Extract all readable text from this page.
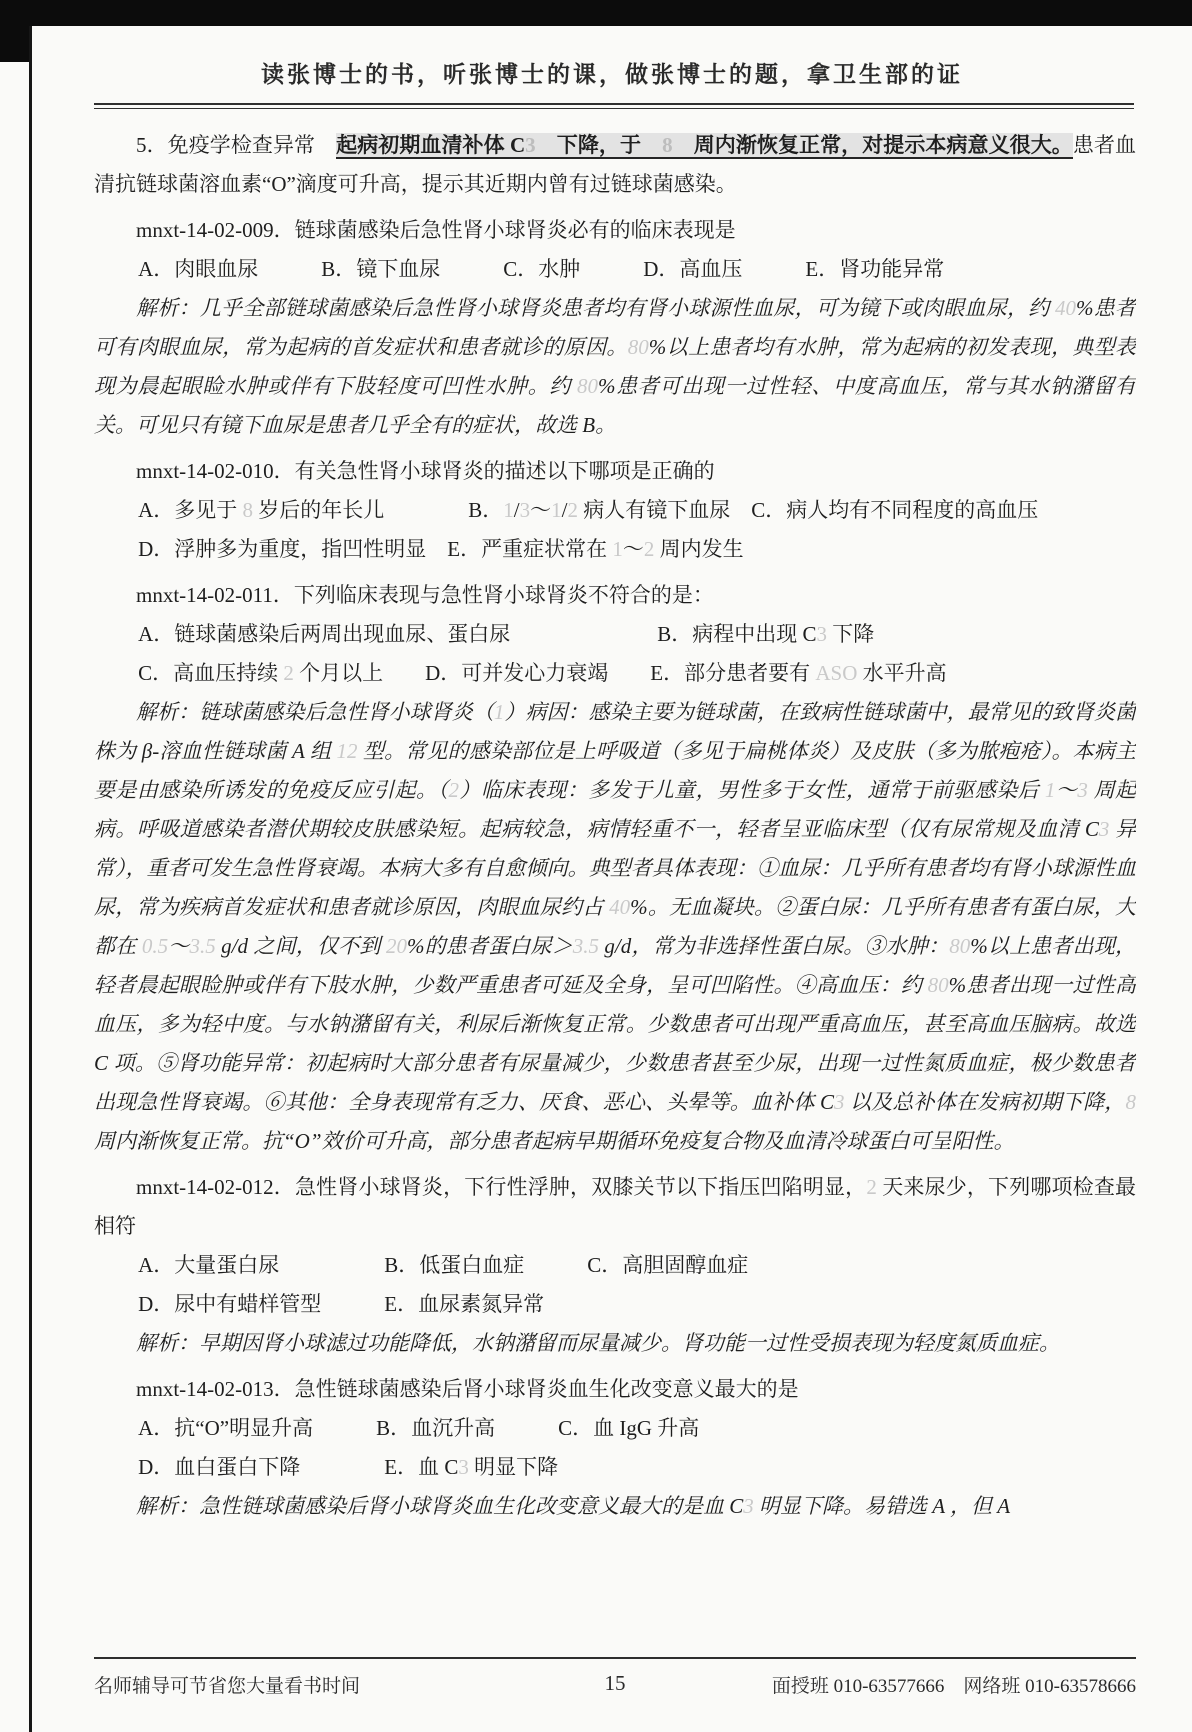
读张博士的书，听张博士的课，做张博士的题，拿卫生部的证

5．免疫学检查异常　起病初期血清补体 C3　下降，于　8　周内渐恢复正常，对提示本病意义很大。患者血清抗链球菌溶血素“O”滴度可升高，提示其近期内曾有过链球菌感染。

mnxt-14-02-009．链球菌感染后急性肾小球肾炎必有的临床表现是

A．肉眼血尿　　　B．镜下血尿　　　C．水肿　　　D．高血压　　　E．肾功能异常

解析：几乎全部链球菌感染后急性肾小球肾炎患者均有肾小球源性血尿，可为镜下或肉眼血尿，约 40%患者可有肉眼血尿，常为起病的首发症状和患者就诊的原因。80%以上患者均有水肿，常为起病的初发表现，典型表现为晨起眼睑水肿或伴有下肢轻度可凹性水肿。约 80%患者可出现一过性轻、中度高血压，常与其水钠潴留有关。可见只有镜下血尿是患者几乎全有的症状，故选 B。

mnxt-14-02-010．有关急性肾小球肾炎的描述以下哪项是正确的

A．多见于 8 岁后的年长儿　　　　B．1/3～1/2 病人有镜下血尿　C．病人均有不同程度的高血压

D．浮肿多为重度，指凹性明显　E．严重症状常在 1～2 周内发生

mnxt-14-02-011．下列临床表现与急性肾小球肾炎不符合的是：

A．链球菌感染后两周出现血尿、蛋白尿　　　　　　　B．病程中出现 C3 下降

C．高血压持续 2 个月以上　　D．可并发心力衰竭　　E．部分患者要有 ASO 水平升高

解析：链球菌感染后急性肾小球肾炎（1）病因：感染主要为链球菌，在致病性链球菌中，最常见的致肾炎菌株为 β-溶血性链球菌 A 组 12 型。常见的感染部位是上呼吸道（多见于扁桃体炎）及皮肤（多为脓疱疮）。本病主要是由感染所诱发的免疫反应引起。（2）临床表现：多发于儿童，男性多于女性，通常于前驱感染后 1～3 周起病。呼吸道感染者潜伏期较皮肤感染短。起病较急，病情轻重不一，轻者呈亚临床型（仅有尿常规及血清 C3 异常），重者可发生急性肾衰竭。本病大多有自愈倾向。典型者具体表现：①血尿：几乎所有患者均有肾小球源性血尿，常为疾病首发症状和患者就诊原因，肉眼血尿约占 40%。无血凝块。②蛋白尿：几乎所有患者有蛋白尿，大都在 0.5～3.5 g/d 之间，仅不到 20%的患者蛋白尿＞3.5 g/d，常为非选择性蛋白尿。③水肿：80%以上患者出现，轻者晨起眼睑肿或伴有下肢水肿，少数严重患者可延及全身，呈可凹陷性。④高血压：约 80%患者出现一过性高血压，多为轻中度。与水钠潴留有关，利尿后渐恢复正常。少数患者可出现严重高血压，甚至高血压脑病。故选 C 项。⑤肾功能异常：初起病时大部分患者有尿量减少，少数患者甚至少尿，出现一过性氮质血症，极少数患者出现急性肾衰竭。⑥其他：全身表现常有乏力、厌食、恶心、头晕等。血补体 C3 以及总补体在发病初期下降，8 周内渐恢复正常。抗“O”效价可升高，部分患者起病早期循环免疫复合物及血清冷球蛋白可呈阳性。

mnxt-14-02-012．急性肾小球肾炎，下行性浮肿，双膝关节以下指压凹陷明显，2 天来尿少，下列哪项检查最相符

A．大量蛋白尿　　　　　B．低蛋白血症　　　C．高胆固醇血症

D．尿中有蜡样管型　　　E．血尿素氮异常

解析：早期因肾小球滤过功能降低，水钠潴留而尿量减少。肾功能一过性受损表现为轻度氮质血症。

mnxt-14-02-013．急性链球菌感染后肾小球肾炎血生化改变意义最大的是

A．抗“O”明显升高　　　B．血沉升高　　　C．血 IgG 升高

D．血白蛋白下降　　　　E．血 C3 明显下降

解析：急性链球菌感染后肾小球肾炎血生化改变意义最大的是血 C3 明显下降。易错选 A ，但 A

15
名师辅导可节省您大量看书时间	面授班 010-63577666　 网络班 010-63578666
